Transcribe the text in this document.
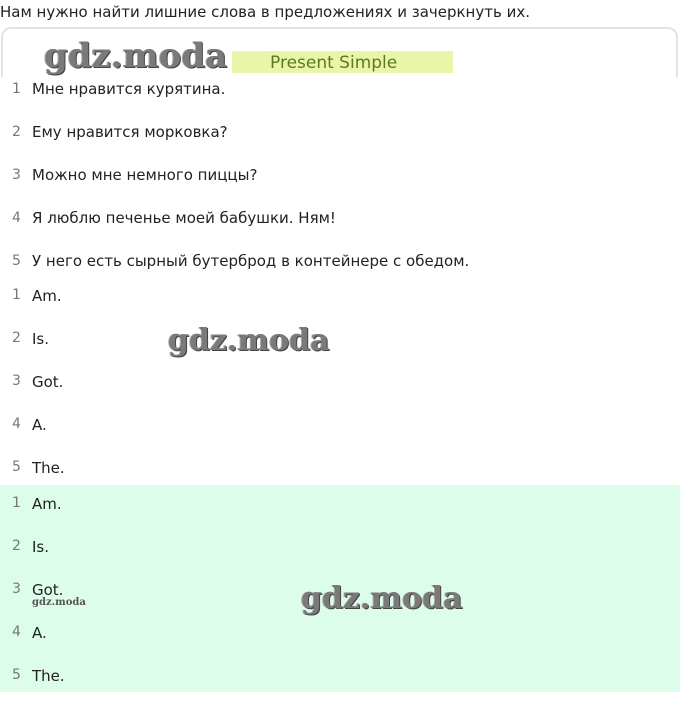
Нам нужно найти лишние слова в предложениях и зачеркнуть их.
Present Simple
gdz.moda
1 Мне нравится курятина.
2 Ему нравится морковка?
3 Можно мне немного пиццы?
4 Я люблю печенье моей бабушки. Ням!
5 У него есть сырный бутерброд в контейнере с обедом.
1 Am.
2 Is.
3 Got.
4 A.
5 The.
gdz.moda
1 Am.
2 Is.
3 Got.
4 A.
5 The.
gdz.moda	gdz.moda
